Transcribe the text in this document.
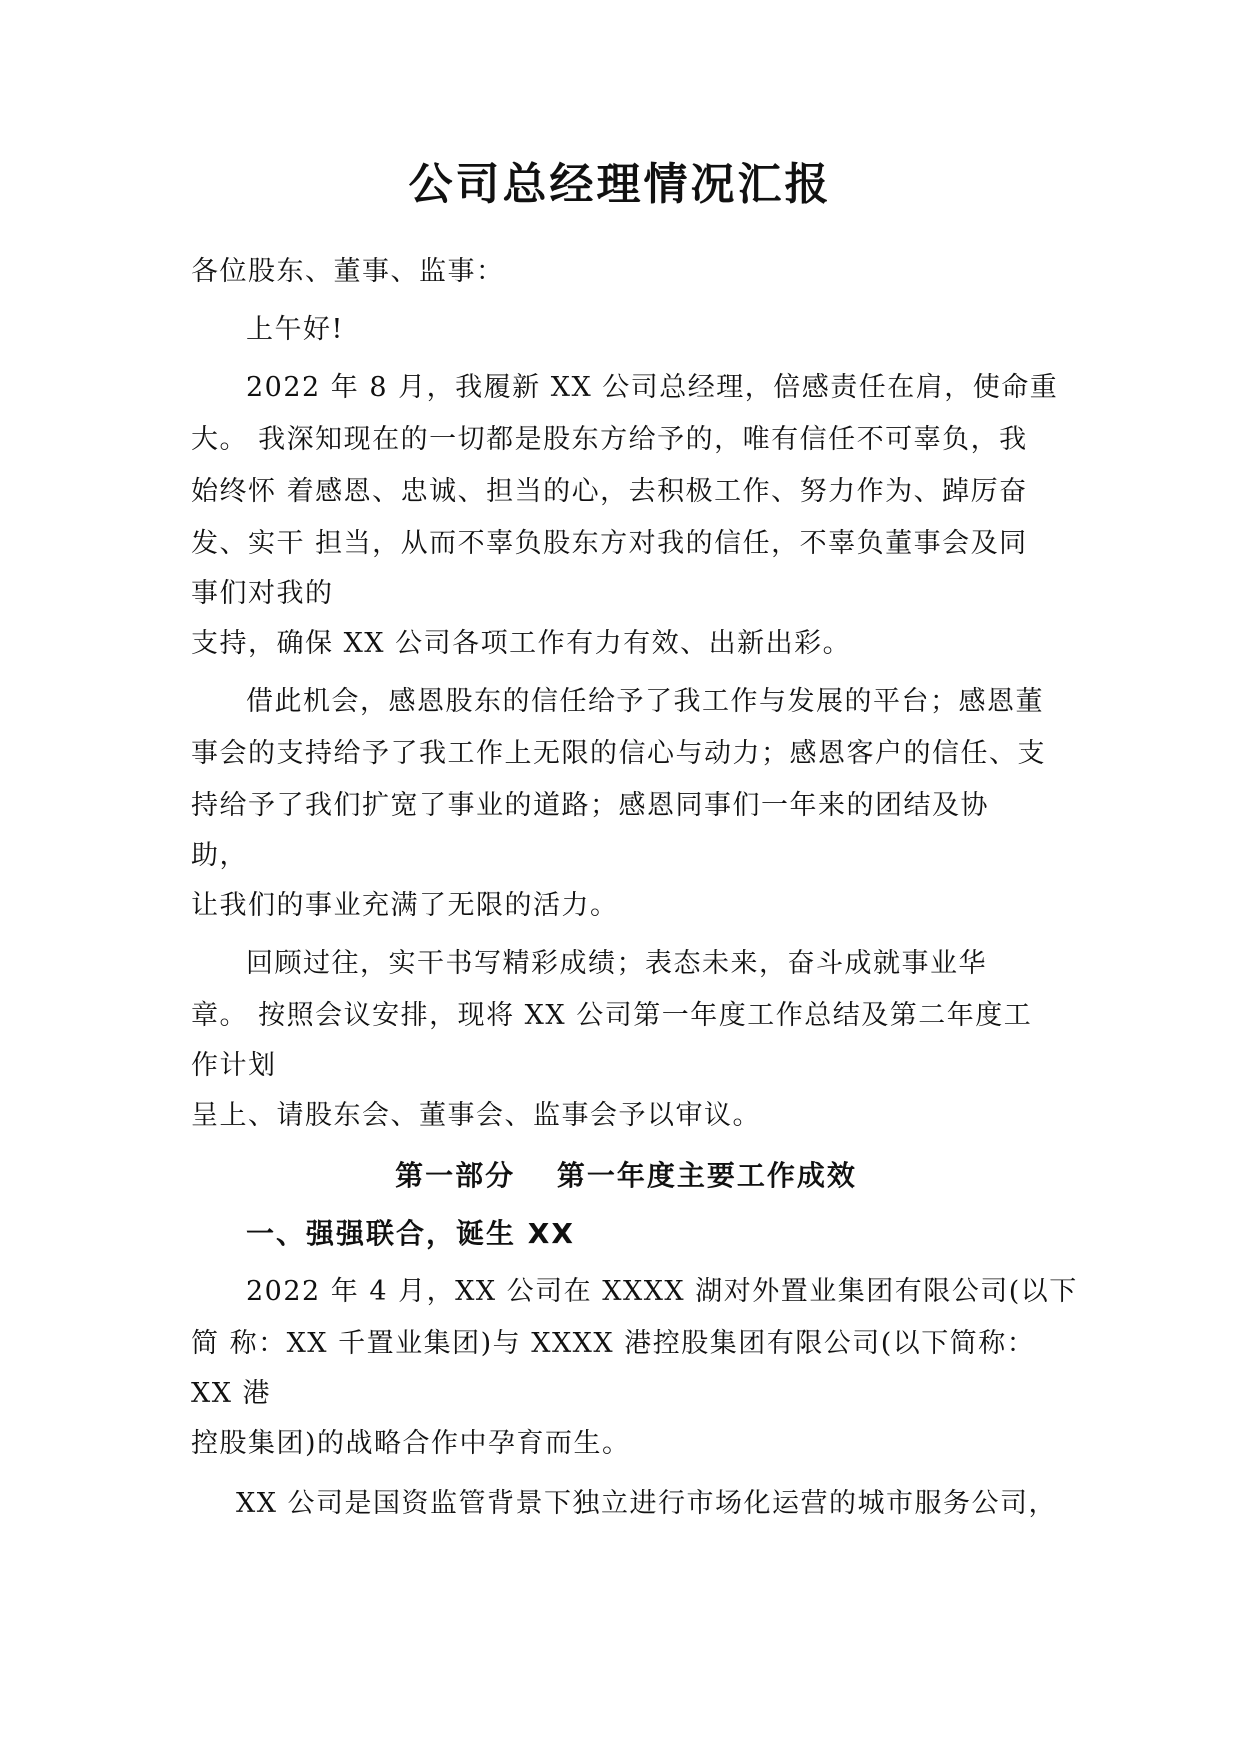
公司总经理情况汇报
各位股东、董事、监事：
上午好!
2022 年 8 月，我履新 XX 公司总经理，倍感责任在肩，使命重
大。 我深知现在的一切都是股东方给予的，唯有信任不可辜负，我
始终怀 着感恩、忠诚、担当的心，去积极工作、努力作为、踔厉奋
发、实干 担当，从而不辜负股东方对我的信任，不辜负董事会及同
事们对我的
支持，确保 XX 公司各项工作有力有效、出新出彩。
借此机会，感恩股东的信任给予了我工作与发展的平台；感恩董
事会的支持给予了我工作上无限的信心与动力；感恩客户的信任、支
持给予了我们扩宽了事业的道路；感恩同事们一年来的团结及协
助，
让我们的事业充满了无限的活力。
回顾过往，实干书写精彩成绩；表态未来，奋斗成就事业华
章。 按照会议安排，现将 XX 公司第一年度工作总结及第二年度工
作计划
呈上、请股东会、董事会、监事会予以审议。
第一部分　 第一年度主要工作成效
一、强强联合，诞生 XX
2022 年 4 月，XX 公司在 XXXX 湖对外置业集团有限公司(以下
简 称：XX 千置业集团)与 XXXX 港控股集团有限公司(以下简称：
XX 港
控股集团)的战略合作中孕育而生。
XX 公司是国资监管背景下独立进行市场化运营的城市服务公司，
